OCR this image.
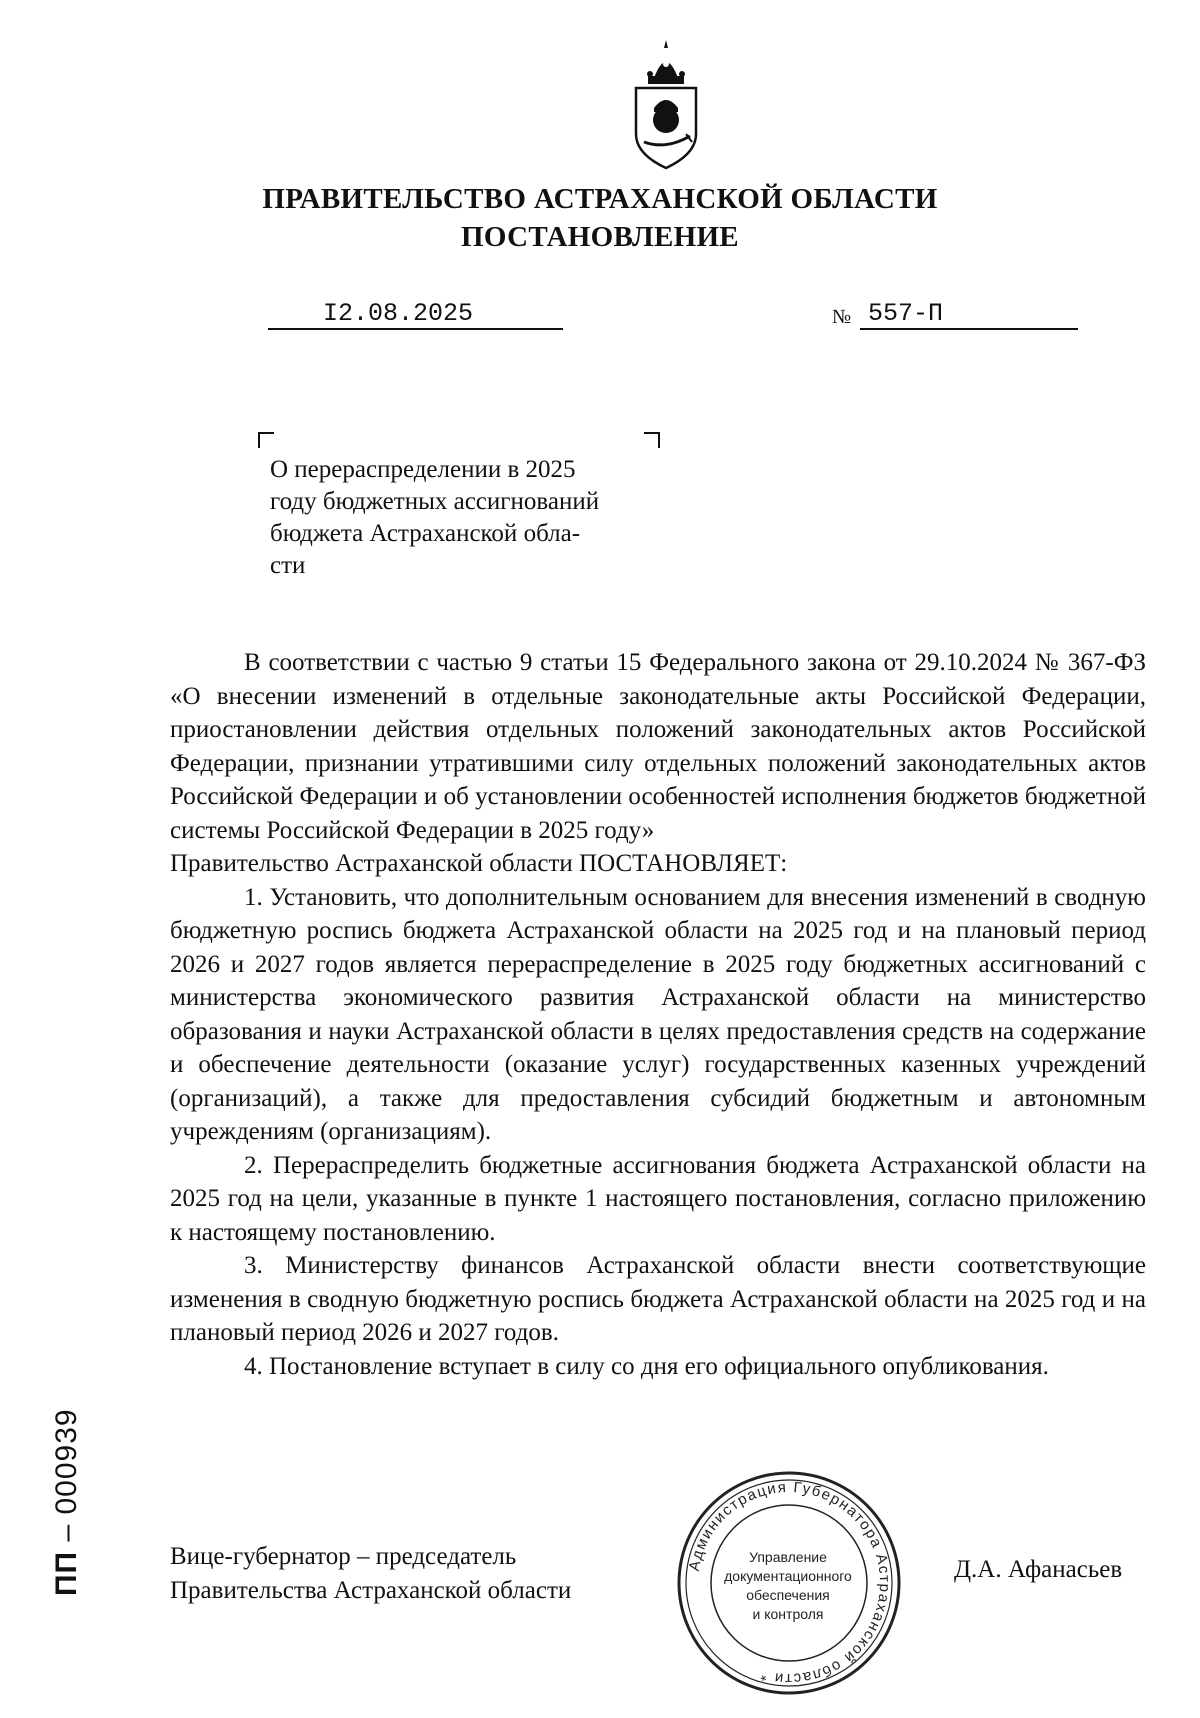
ПРАВИТЕЛЬСТВО АСТРАХАНСКОЙ ОБЛАСТИ
ПОСТАНОВЛЕНИЕ
I2.08.2025	№ 557-П
О перераспределении в 2025
году бюджетных ассигнований
бюджета Астраханской обла-
сти

В соответствии с частью 9 статьи 15 Федерального закона от 29.10.2024 № 367-ФЗ «О внесении изменений в отдельные законодательные акты Российской Федерации, приостановлении действия отдельных положений законодательных актов Российской Федерации, признании утратившими силу отдельных положений законодательных актов Российской Федерации и об установлении особенностей исполнения бюджетов бюджетной системы Российской Федерации в 2025 году»

Правительство Астраханской области ПОСТАНОВЛЯЕТ:

1. Установить, что дополнительным основанием для внесения изменений в сводную бюджетную роспись бюджета Астраханской области на 2025 год и на плановый период 2026 и 2027 годов является перераспределение в 2025 году бюджетных ассигнований с министерства экономического развития Астраханской области на министерство образования и науки Астраханской области в целях предоставления средств на содержание и обеспечение деятельности (оказание услуг) государственных казенных учреждений (организаций), а также для предоставления субсидий бюджетным и автономным учреждениям (организациям).

2. Перераспределить бюджетные ассигнования бюджета Астраханской области на 2025 год на цели, указанные в пункте 1 настоящего постановления, согласно приложению к настоящему постановлению.

3. Министерству финансов Астраханской области внести соответствующие изменения в сводную бюджетную роспись бюджета Астраханской области на 2025 год и на плановый период 2026 и 2027 годов.

4. Постановление вступает в силу со дня его официального опубликования.

Вице-губернатор – председатель
Правительства Астраханской области
Администрация Губернатора Астраханской области *
Управление
документационного
обеспечения
и контроля
Д.А. Афанасьев
ПП – 000939
